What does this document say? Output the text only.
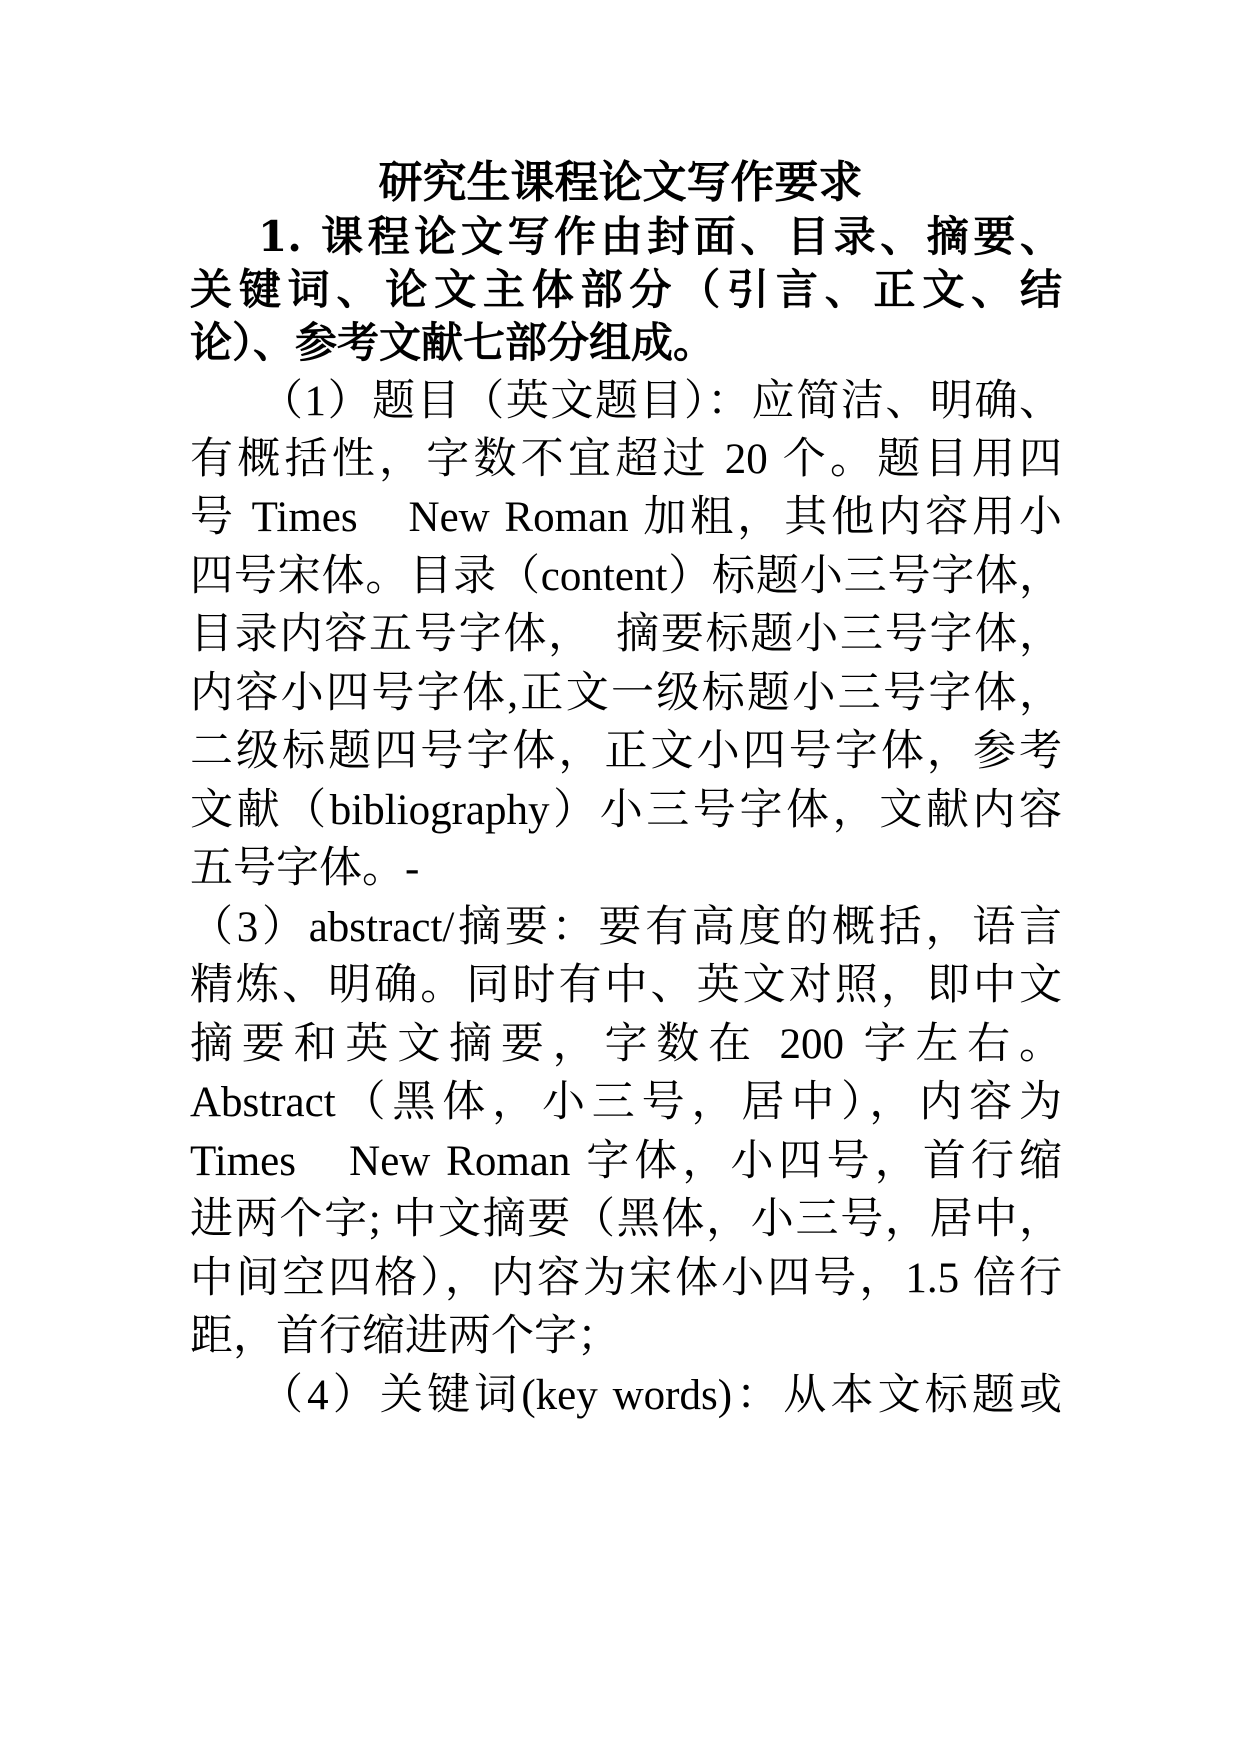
研究生课程论文写作要求
1. 课程论文写作由封面、目录、摘要、
关键词、论文主体部分（引言、正文、结
论）、参考文献七部分组成。
（1）题目（英文题目）：应简洁、明确、
有概括性，字数不宜超过 20 个。题目用四
号 Times　New Roman 加粗，其他内容用小
四号宋体。目录（content）标题小三号字体，
目录内容五号字体，　摘要标题小三号字体，
内容小四号字体,正文一级标题小三号字体，
二级标题四号字体，正文小四号字体，参考
文献（bibliography）小三号字体，文献内容
五号字体。-
（3）abstract/摘要：要有高度的概括，语言
精炼、明确。同时有中、英文对照，即中文
摘要和英文摘要，字数在 200 字左右。
Abstract（黑体，小三号，居中），内容为
Times　New Roman 字体，小四号，首行缩
进两个字; 中文摘要（黑体，小三号，居中，
中间空四格），内容为宋体小四号，1.5 倍行
距，首行缩进两个字；
（4）关键词(key words)：从本文标题或
